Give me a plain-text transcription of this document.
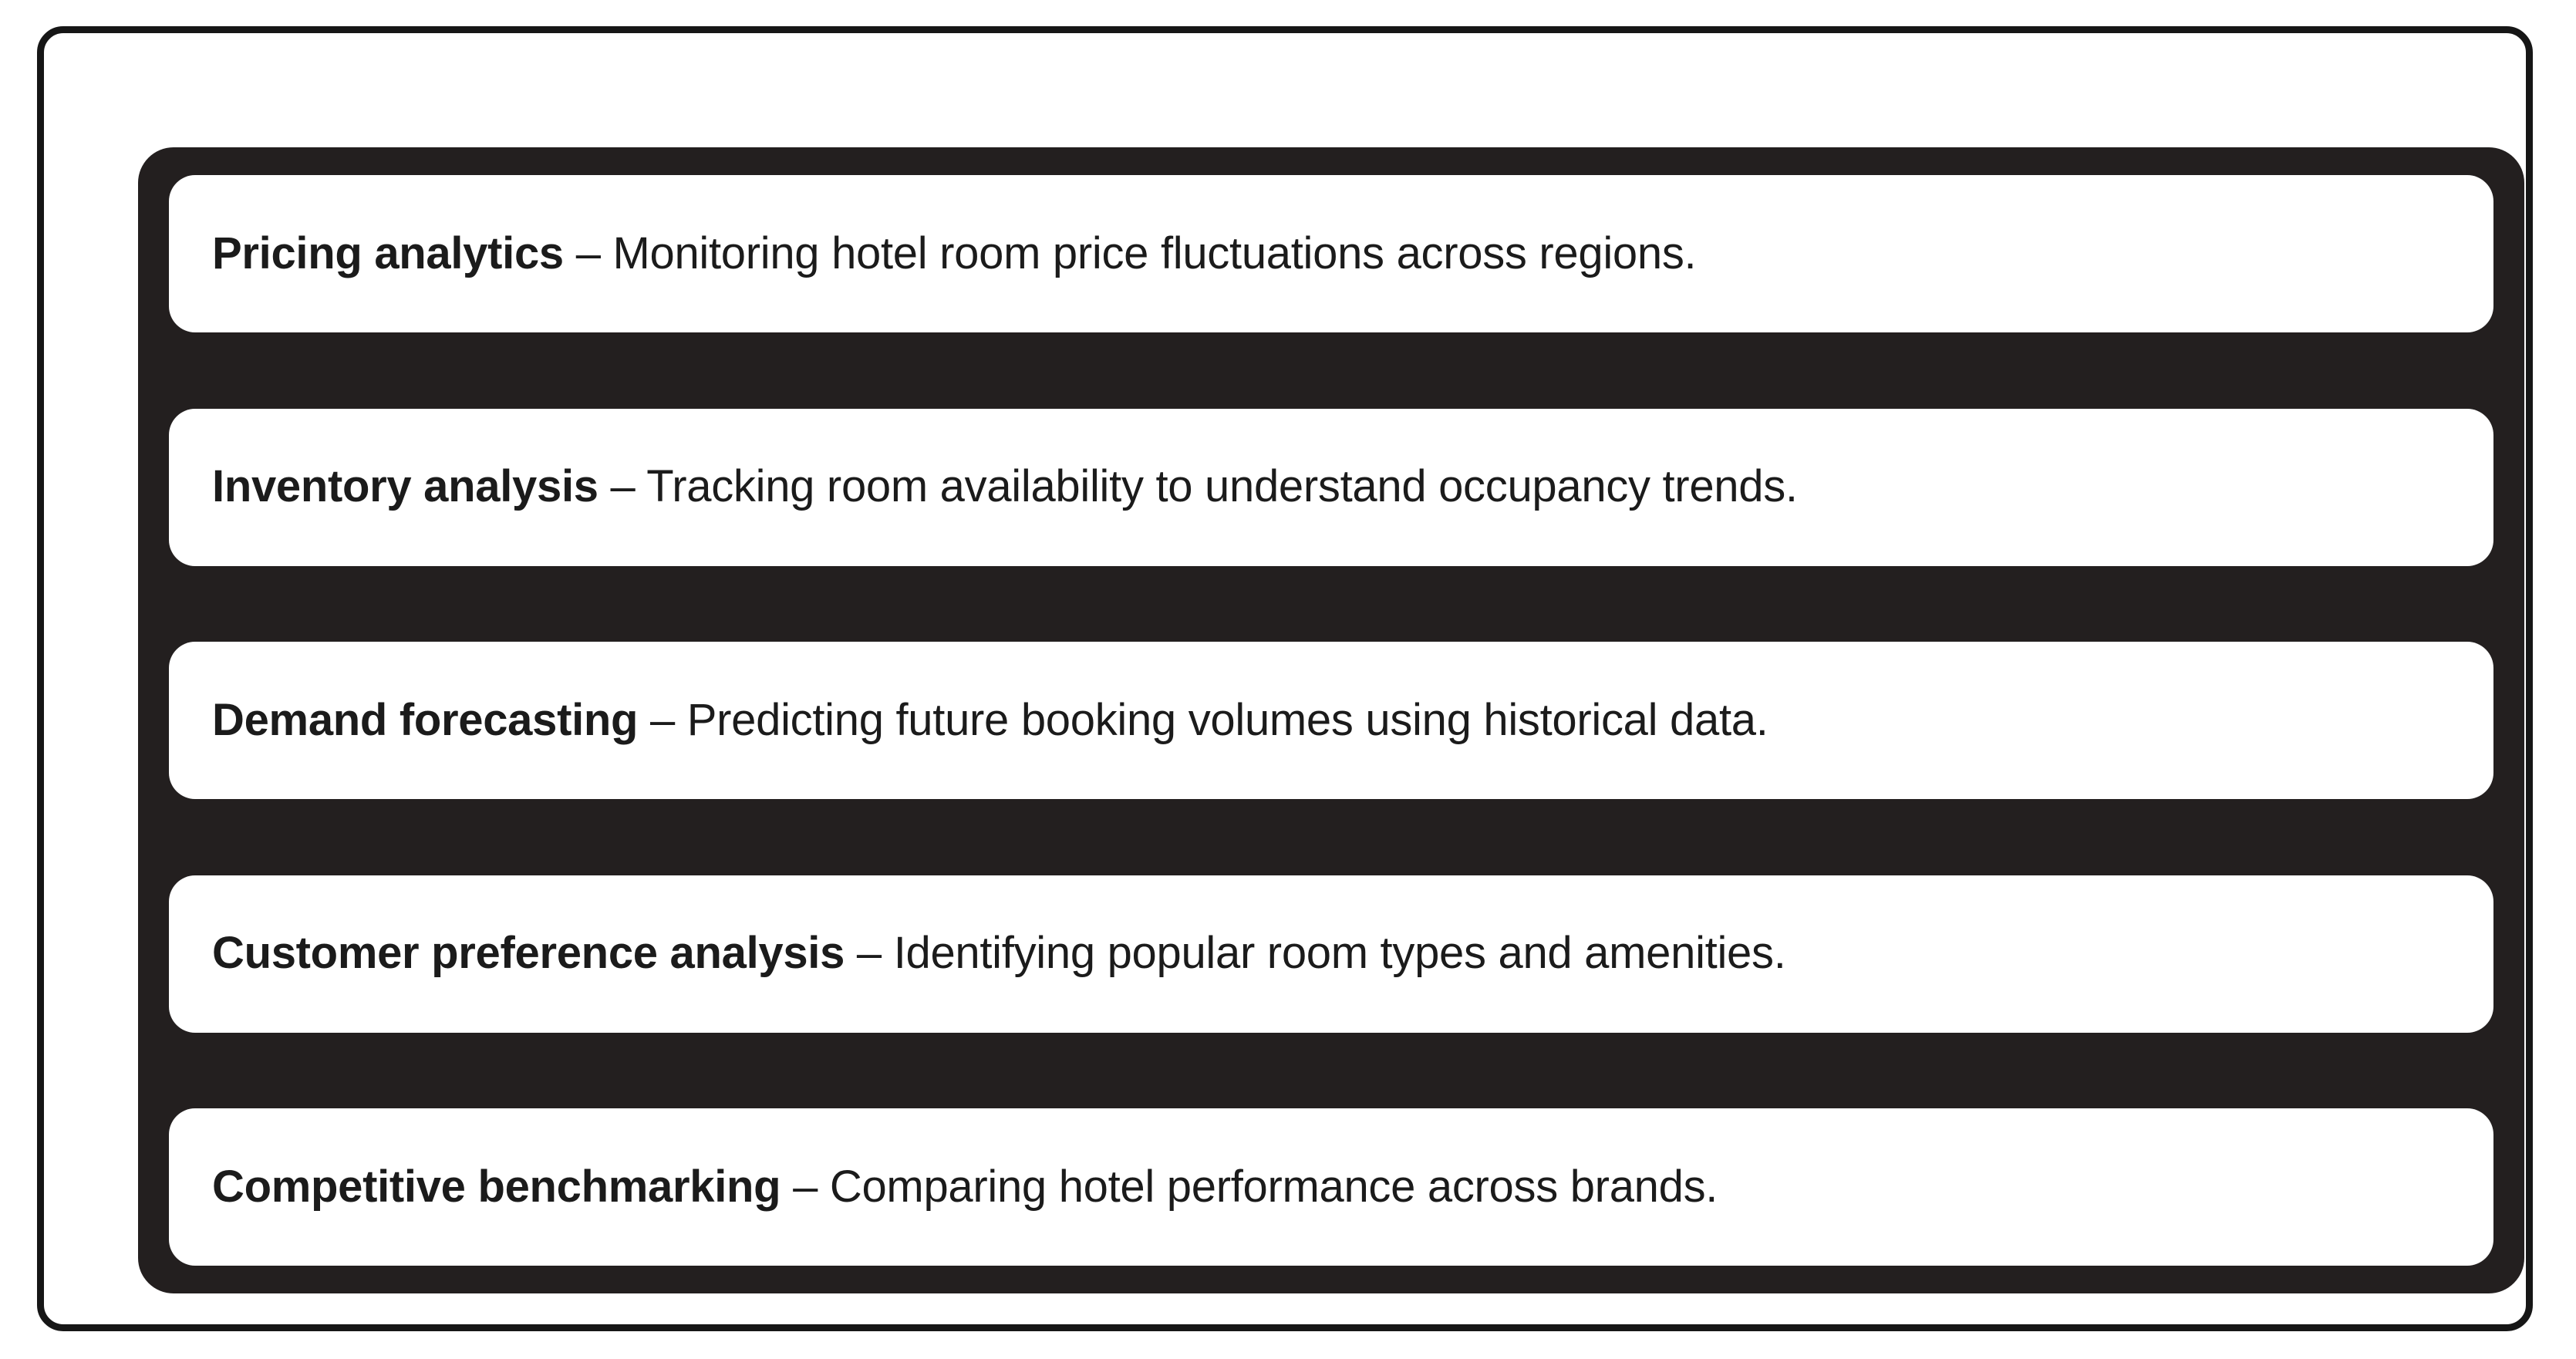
Pricing analytics – Monitoring hotel room price fluctuations across regions.
Inventory analysis – Tracking room availability to understand occupancy trends.
Demand forecasting – Predicting future booking volumes using historical data.
Customer preference analysis – Identifying popular room types and amenities.
Competitive benchmarking – Comparing hotel performance across brands.
